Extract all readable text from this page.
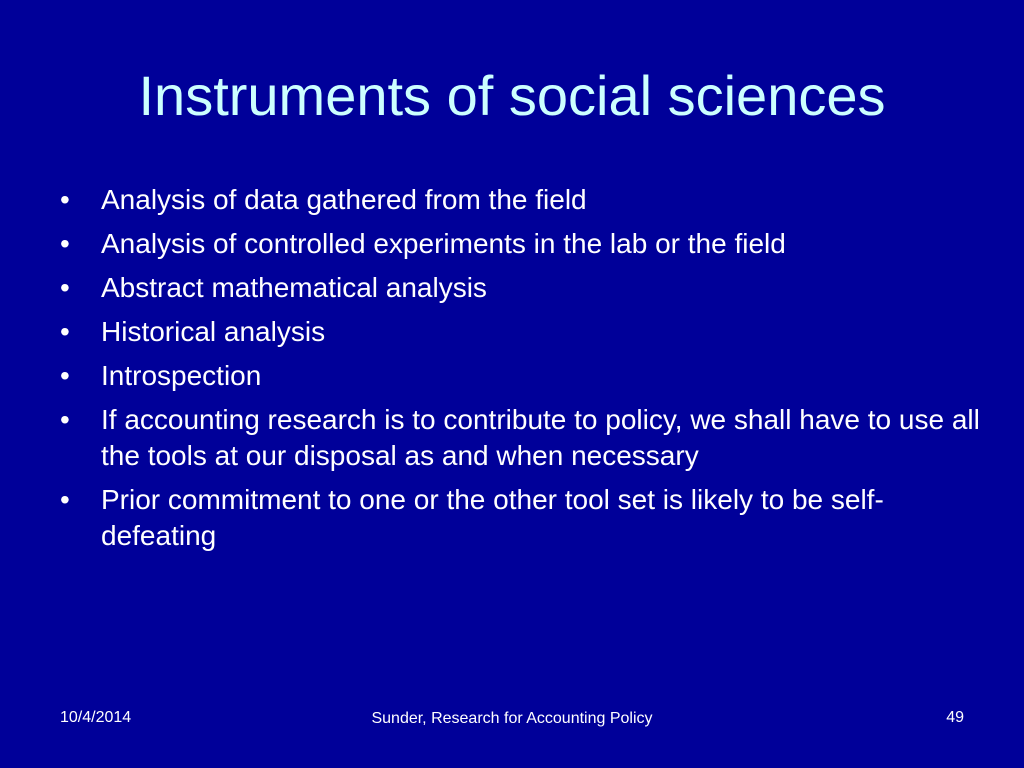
Instruments of social sciences
•	Analysis of data gathered from the field
•	Analysis of controlled experiments in the lab or the field
•	Abstract mathematical analysis
•	Historical analysis
•	Introspection
•	If accounting research is to contribute to policy, we shall have to use all the tools at our disposal as and when necessary
•	Prior commitment to one or the other tool set is likely to be self-defeating
10/4/2014	Sunder, Research for Accounting Policy	49
